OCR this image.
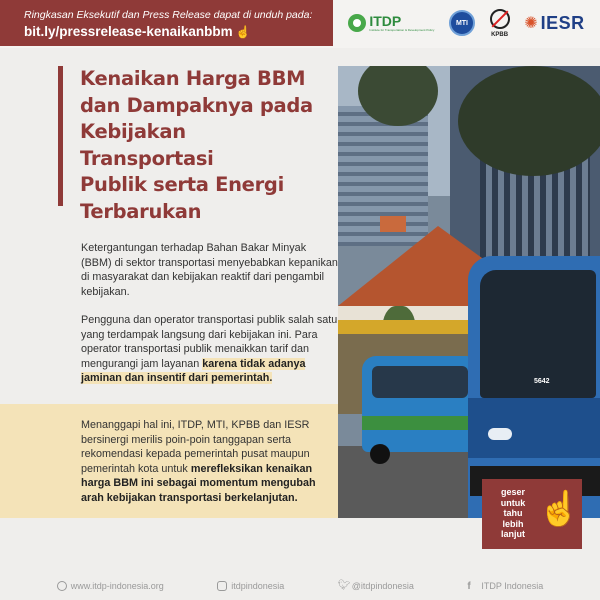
Ringkasan Eksekutif dan Press Release dapat di unduh pada:
bit.ly/pressrelease-kenaikanbbm ☝
ITDP
Institute for Transportation & Development Policy
MTI
KPBB
✺ IESR
5642
geser
untuk
tahu
lebih
lanjut
☝
Kenaikan Harga BBM
dan Dampaknya pada
Kebijakan Transportasi
Publik serta Energi
Terbarukan

Ketergantungan terhadap Bahan Bakar Minyak (BBM) di sektor transportasi menyebabkan kepanikan di masyarakat dan kebijakan reaktif dari pengambil kebijakan.

Pengguna dan operator transportasi publik salah satu yang terdampak langsung dari kebijakan ini. Para operator transportasi publik menaikkan tarif dan mengurangi jam layanan karena tidak adanya jaminan dan insentif dari pemerintah.

Menanggapi hal ini, ITDP, MTI, KPBB dan IESR bersinergi merilis poin-poin tanggapan serta rekomendasi kepada pemerintah pusat maupun pemerintah kota untuk merefleksikan kenaikan harga BBM ini sebagai momentum mengubah arah kebijakan transportasi berkelanjutan.

www.itdp-indonesia.org	itdpindonesia	🐦︎ @itdpindonesia	f	ITDP Indonesia
